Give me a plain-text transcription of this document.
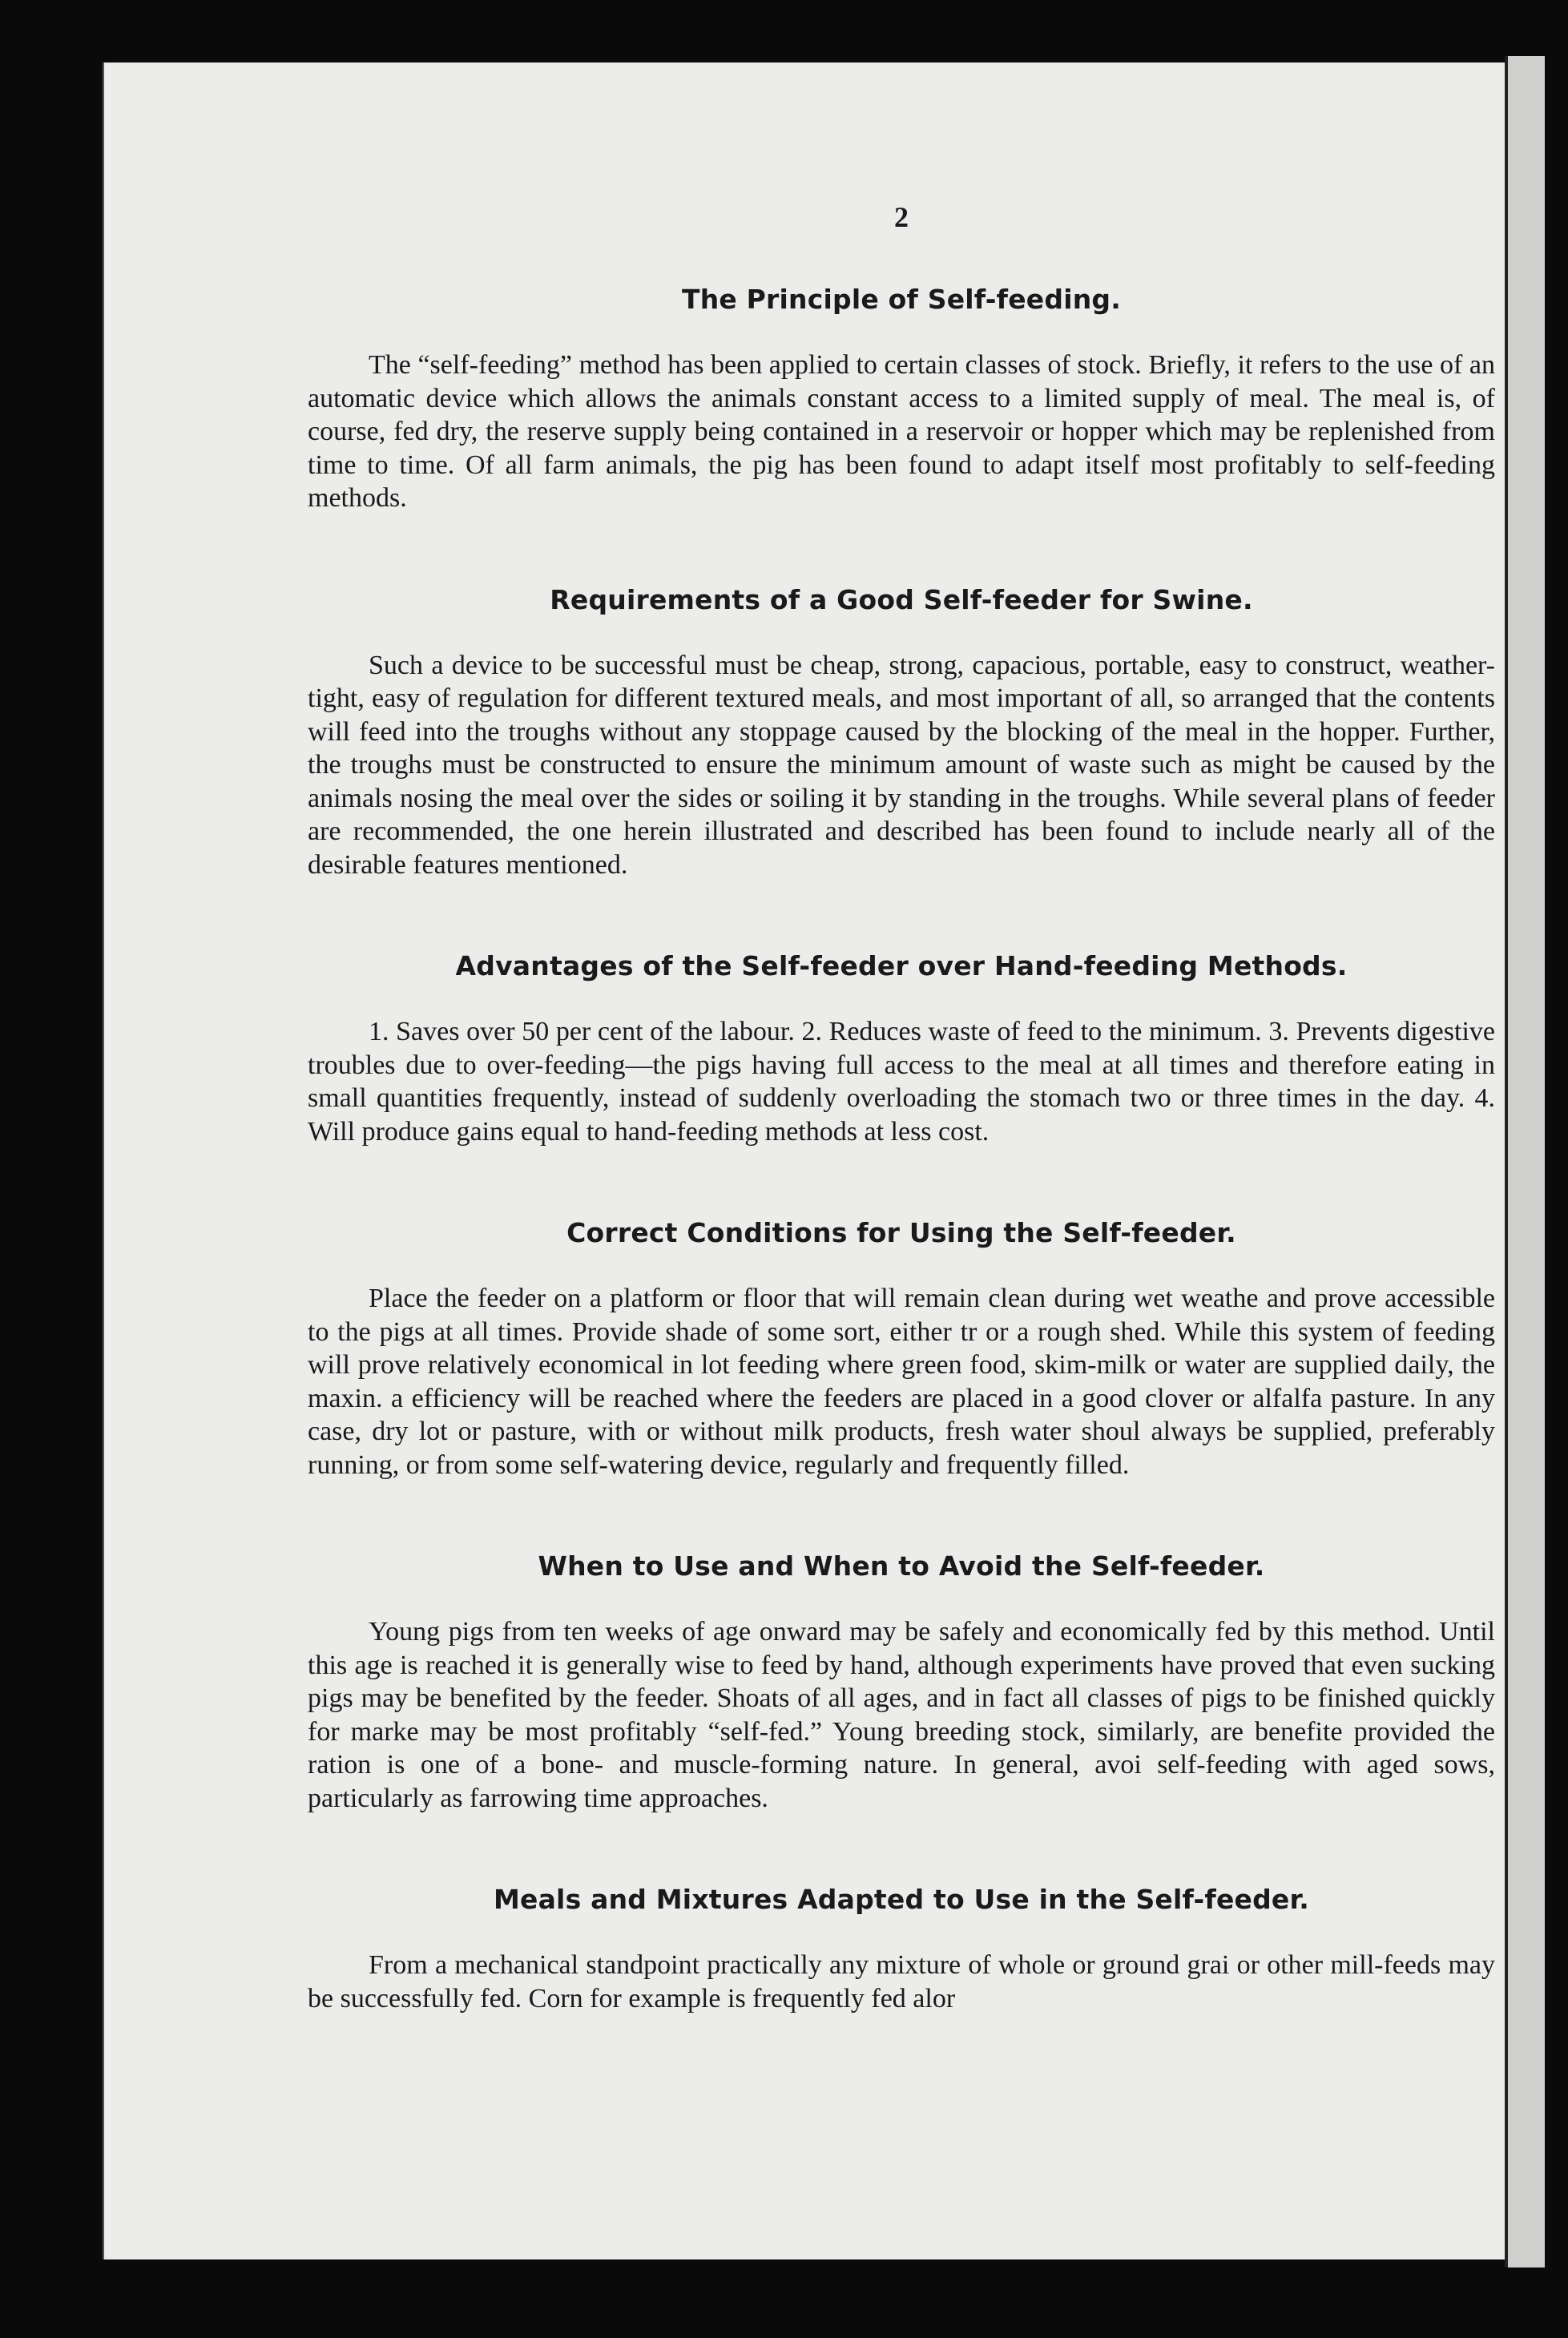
2
The Principle of Self-feeding.

The “self-feeding” method has been applied to certain classes of stock. Briefly, it refers to the use of an automatic device which allows the animals constant access to a limited supply of meal. The meal is, of course, fed dry, the reserve supply being contained in a reservoir or hopper which may be replenished from time to time. Of all farm animals, the pig has been found to adapt itself most profitably to self-feeding methods.

Requirements of a Good Self-feeder for Swine.

Such a device to be successful must be cheap, strong, capacious, portable, easy to construct, weather-tight, easy of regulation for different textured meals, and most important of all, so arranged that the contents will feed into the troughs without any stoppage caused by the blocking of the meal in the hopper. Further, the troughs must be constructed to ensure the minimum amount of waste such as might be caused by the animals nosing the meal over the sides or soiling it by standing in the troughs. While several plans of feeder are recommended, the one herein illustrated and described has been found to include nearly all of the desirable features mentioned.

Advantages of the Self-feeder over Hand-feeding Methods.

1. Saves over 50 per cent of the labour. 2. Reduces waste of feed to the minimum. 3. Prevents digestive troubles due to over-feeding—the pigs having full access to the meal at all times and therefore eating in small quantities frequently, instead of suddenly overloading the stomach two or three times in the day. 4. Will produce gains equal to hand-feeding methods at less cost.

Correct Conditions for Using the Self-feeder.

Place the feeder on a platform or floor that will remain clean during wet weathe and prove accessible to the pigs at all times. Provide shade of some sort, either tr or a rough shed. While this system of feeding will prove relatively economical in lot feeding where green food, skim-milk or water are supplied daily, the maxin. a efficiency will be reached where the feeders are placed in a good clover or alfalfa pasture. In any case, dry lot or pasture, with or without milk products, fresh water shoul always be supplied, preferably running, or from some self-watering device, regularly and frequently filled.

When to Use and When to Avoid the Self-feeder.

Young pigs from ten weeks of age onward may be safely and economically fed by this method. Until this age is reached it is generally wise to feed by hand, although experiments have proved that even sucking pigs may be benefited by the feeder. Shoats of all ages, and in fact all classes of pigs to be finished quickly for marke may be most profitably “self-fed.” Young breeding stock, similarly, are benefite provided the ration is one of a bone- and muscle-forming nature. In general, avoi self-feeding with aged sows, particularly as farrowing time approaches.

Meals and Mixtures Adapted to Use in the Self-feeder.

From a mechanical standpoint practically any mixture of whole or ground grai or other mill-feeds may be successfully fed. Corn for example is frequently fed alor
